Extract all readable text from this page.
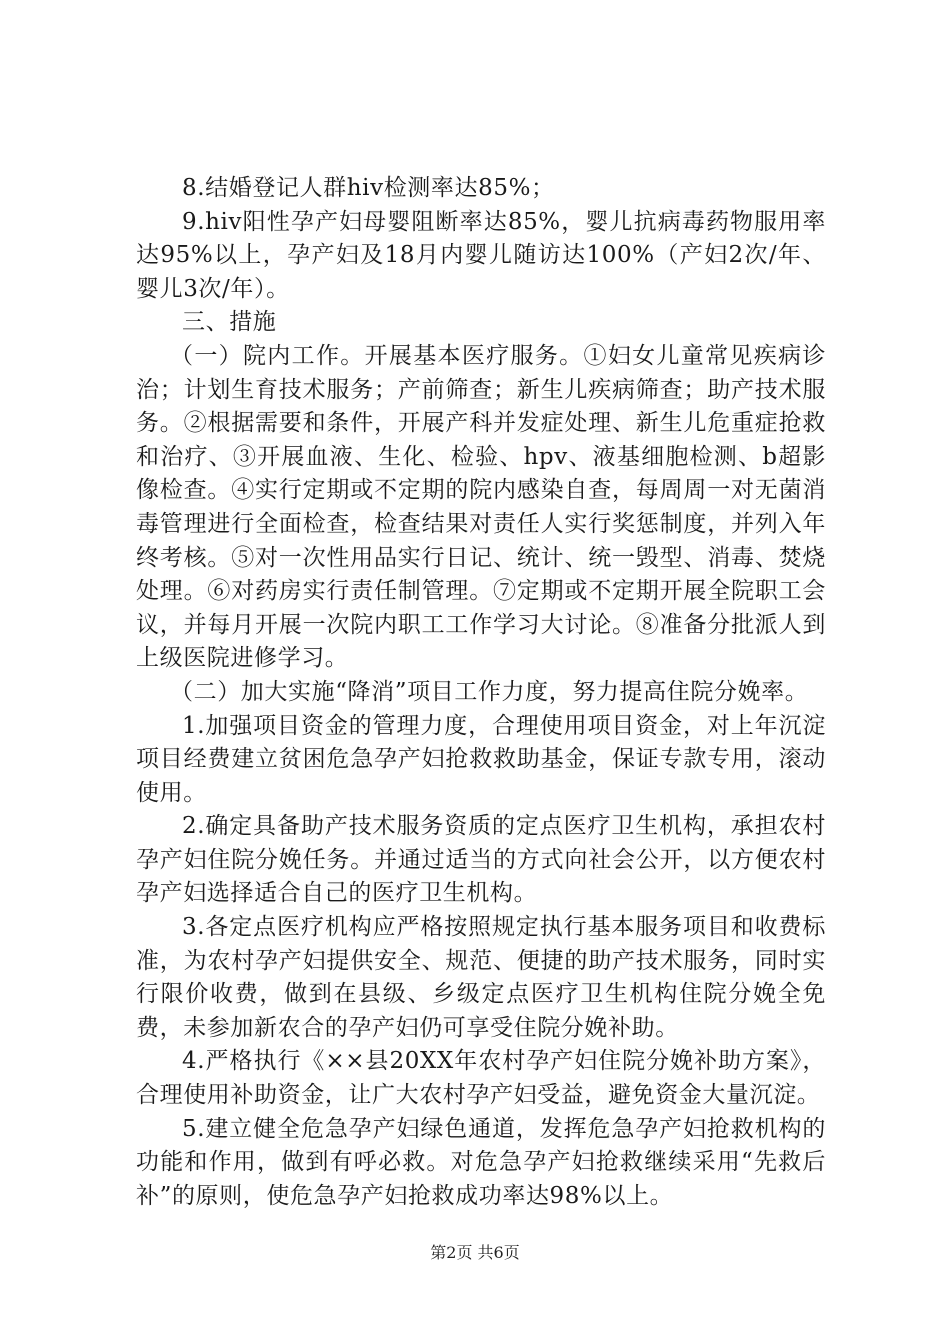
8.结婚登记人群hiv检测率达85%；

9.hiv阳性孕产妇母婴阻断率达85%，婴儿抗病毒药物服用率达95%以上，孕产妇及18月内婴儿随访达100%（产妇2次/年、婴儿3次/年）。

三、措施

（一）院内工作。开展基本医疗服务。①妇女儿童常见疾病诊治；计划生育技术服务；产前筛查；新生儿疾病筛查；助产技术服务。②根据需要和条件，开展产科并发症处理、新生儿危重症抢救和治疗、③开展血液、生化、检验、hpv、液基细胞检测、b超影像检查。④实行定期或不定期的院内感染自查，每周周一对无菌消毒管理进行全面检查，检查结果对责任人实行奖惩制度，并列入年终考核。⑤对一次性用品实行日记、统计、统一毁型、消毒、焚烧处理。⑥对药房实行责任制管理。⑦定期或不定期开展全院职工会议，并每月开展一次院内职工工作学习大讨论。⑧准备分批派人到上级医院进修学习。

（二）加大实施“降消”项目工作力度，努力提高住院分娩率。

1.加强项目资金的管理力度，合理使用项目资金，对上年沉淀项目经费建立贫困危急孕产妇抢救救助基金，保证专款专用，滚动使用。

2.确定具备助产技术服务资质的定点医疗卫生机构，承担农村孕产妇住院分娩任务。并通过适当的方式向社会公开，以方便农村孕产妇选择适合自己的医疗卫生机构。

3.各定点医疗机构应严格按照规定执行基本服务项目和收费标准，为农村孕产妇提供安全、规范、便捷的助产技术服务，同时实行限价收费，做到在县级、乡级定点医疗卫生机构住院分娩全免费，未参加新农合的孕产妇仍可享受住院分娩补助。

4.严格执行《××县20XX年农村孕产妇住院分娩补助方案》，合理使用补助资金，让广大农村孕产妇受益，避免资金大量沉淀。

5.建立健全危急孕产妇绿色通道，发挥危急孕产妇抢救机构的功能和作用，做到有呼必救。对危急孕产妇抢救继续采用“先救后补”的原则，使危急孕产妇抢救成功率达98%以上。

第2页 共6页
